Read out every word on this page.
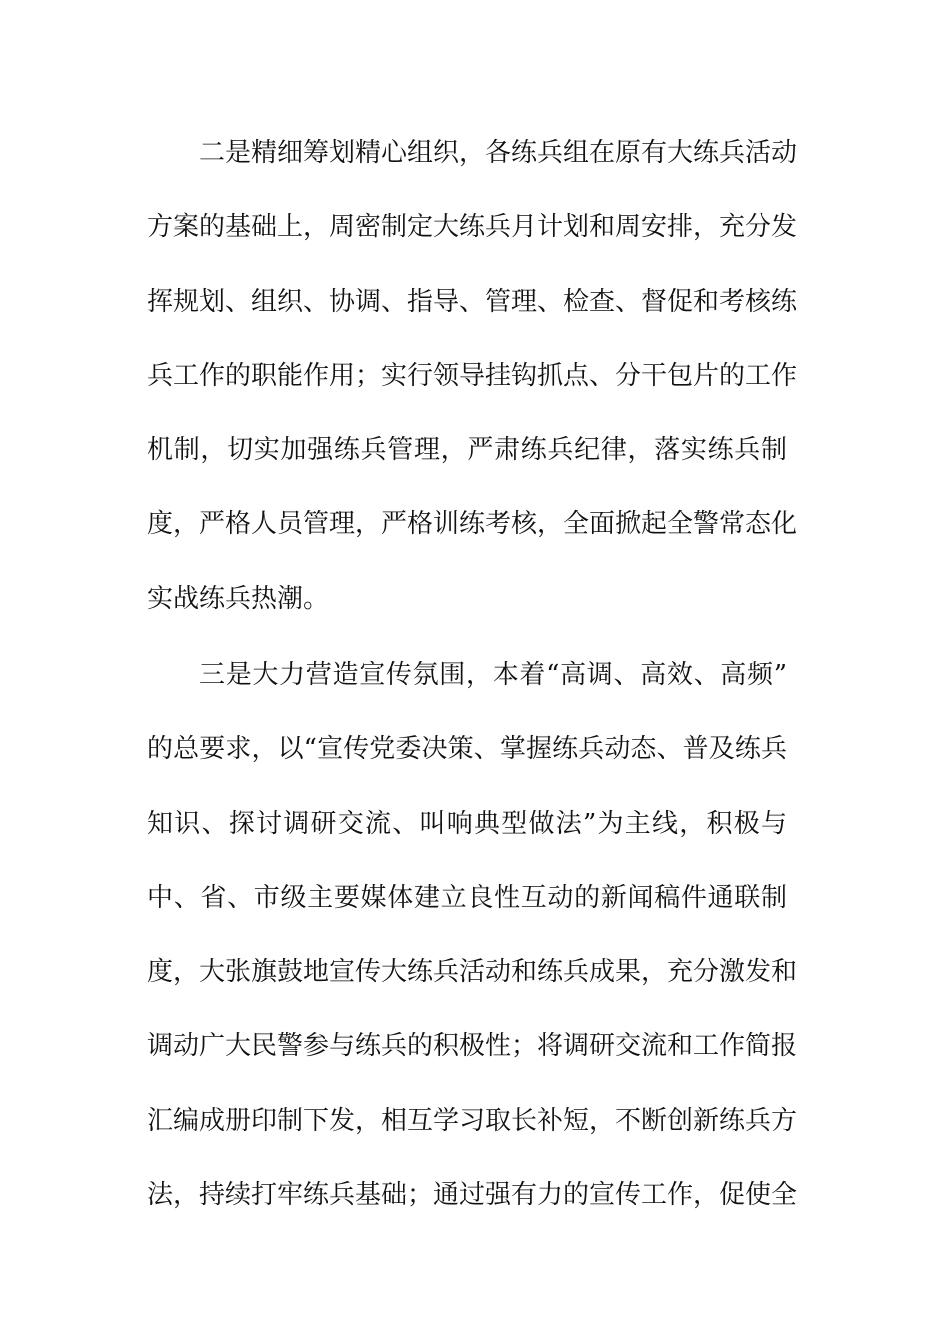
二是精细筹划精心组织，各练兵组在原有大练兵活动
方案的基础上，周密制定大练兵月计划和周安排，充分发
挥规划、组织、协调、指导、管理、检查、督促和考核练
兵工作的职能作用；实行领导挂钩抓点、分干包片的工作
机制，切实加强练兵管理，严肃练兵纪律，落实练兵制
度，严格人员管理，严格训练考核，全面掀起全警常态化
实战练兵热潮。
三是大力营造宣传氛围，本着“高调、高效、高频”
的总要求，以“宣传党委决策、掌握练兵动态、普及练兵
知识、探讨调研交流、叫响典型做法”为主线，积极与
中、省、市级主要媒体建立良性互动的新闻稿件通联制
度，大张旗鼓地宣传大练兵活动和练兵成果，充分激发和
调动广大民警参与练兵的积极性；将调研交流和工作简报
汇编成册印制下发，相互学习取长补短，不断创新练兵方
法，持续打牢练兵基础；通过强有力的宣传工作，促使全
